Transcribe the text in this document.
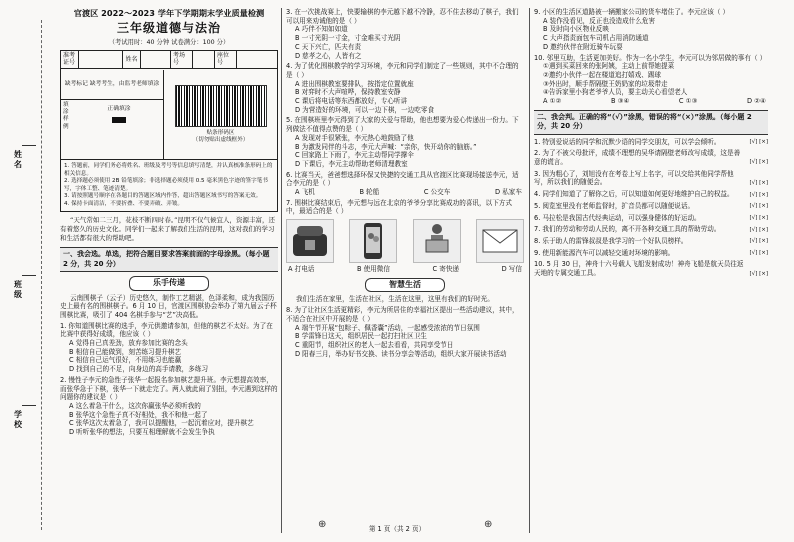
姓名
班级
学校
官渡区 2022～2023 学年下学期期末学业质量检测
三年级道德与法治
（考试用时：40 分钟 试卷满分：100 分）
准考证号
姓名
考场号
座位号
缺考标记
缺考考生，由监考老师填涂
填涂样例
正确填涂
贴条形码区
（切勿贴出虚线框外）
1. 答题前，同学们务必将姓名、班级及考号等信息填写清楚，并认真核准条形码上的相关信息。
2. 选择题必须使用 2B 铅笔填涂；非选择题必须使用 0.5 毫米黑色字迹的签字笔书写，字体工整、笔迹清楚。
3. 请按照题号顺序在各题目的答题区域内作答，超出答题区域书写的答案无效。
4. 保持卡面清洁，不要折叠、不要弄破、弄皱。
“天气常如二三月，花枝不断四时春。”昆明不仅气候宜人，资源丰富，还有着悠久的历史文化。同学们一起来了解我们生活的昆明，这对我们的学习和生活都有很大的帮助吧。
一、我会选。单选，把符合题目要求答案前面的字母涂黑。（每小题 2 分，共 20 分）
乐手传递
云南围棋子（云子）历史悠久，制作工艺精湛，色泽柔和，成为我国历史上最有名的围棋棋子。6 月 10 日，官渡区围棋协会举办了第九届云子杯围棋比赛，吸引了 404 名棋手参与“艺”决高低。
1. 你知道围棋比赛的选手，李元供邀请参加，但他的棋艺不太好。为了在比赛中获得好成绩，他应该（ ）
A 觉得自己真差劲，放弃参加比赛的念头
B 相信自己能做到，刻苦练习提升棋艺
C 相信自己运气很好，不用练习也能赢
D 找到自己的不足，向身边的高手请教，多练习
2. 慢性子李元的急性子张华一起报名参加棋艺提升班。李元想提高效率，而张华急于下棋，张华一下就走完了。两人就此闹了别扭，李元遇到这样的问题你的建议是（ ）
A 这么着急干什么，这次你赢张华必须听我的
B 张华这个急性子真不好相处，我不和他一起了
C 张华这次太着急了，我可以提醒他，一起沉着应对，提升棋艺
D 听听张华的想法，只要互相理解就不会发生争执
3. 在一次挑战赛上，快要输棋的李元越下越不冷静，忍不住去移动了棋子，我们可以用来劝诫他的是（ ）
A 巧伴不知如如道
B 一寸光阴一寸金，寸金难买寸光阴
C 天下兴亡，匹夫有责
D 慈孝之心，人皆有之
4. 为了优化围棋教学的学习环境，李元和同学们制定了一些规则，其中不合理的是（ ）
A 进出围棋教室要排队，按指定位置就座
B 对弈时不大声喧哗，保持教室安静
C 课后将电话等东西都放好，专心听讲
D 为营造好的环境，可以一边下棋，一边吃零食
5. 在围棋班里李元得到了大家的关爱与帮助，他也想要为爱心传递出一份力。下列做法不值得点赞的是（ ）
A 发现对手很紧张，李元热心地鼓励了他
B 为激发同伴的斗志，李元大声喊：“亲你，快开动你的脑筋。”
C 回家路上下雨了，李元主动帮同学撑伞
D 下课后，李元主动帮助老师清理教室
6. 比赛当天，爸爸想选择环保又快捷的交通工具从官渡区比赛现场接送李元，适合李元的是（ ）
A 飞机	B 轮船	C 公交车	D 私家车
7. 围棋比赛结束后，李元想与远在北京的爷爷分享比赛成功的喜讯，以下方式中，最适合的是（ ）
A 打电话	B 使用微信	C 寄快递	D 写信
智慧生活
我们生活在家里，生活在社区，生活在这里，这里有我们的好时光。
8. 为了让社区生活更精彩，李元为所居住的幸福社区提出一些活动建议，其中，不适合在社区中开展的是（ ）
A 端午节开展“包粽子、佩香囊”活动，一起感受浓浓的节日氛围
B 学雷锋日这天，组织居民一起打扫社区卫生
C 重阳节，组织社区的老人一起去看看，共同享受节日
D 阳春三月，举办好书交换、读书分享会等活动，组织大家开展读书活动
9. 小区的生活区道路被一辆搬家公司的货车堵住了。李元应该（ ）
A 装作没看见，反正也没造成什么危害
B 及时向小区物业反映
C 大声指责面包车司机占用消防通道
D 邀约伙伴在附近骑车玩耍
10. 邻里互助，生活更加美好。作为一名小学生，李元可以为邻居做的事有（ ）
①遇到买菜回来的张阿姨，主动上前帮她提菜
②邀约小伙伴一起在楼道追打嬉戏、踢球
③外出时，顺手帮隔壁王奶奶家的垃圾带走
④告诉家里小狗老爷爷人员，要主动关心看望老人
A ①②	B ③④	C ①③	D ②④
二、我会判。正确的将“（√）”涂黑，错误的将“（×）”涂黑。（每小题 2 分，共 20 分）
1. 特别爱说话的同学和沉默少语的同学交朋友，可以学会倾听。	[√] [×]
2. 为了不被父母批评，成绩不理想的吴华请隔壁老师改写成绩，这是善意的谎言。	[√] [×]
3. 因为粗心了，刘旭没有在考卷上写上名字，可以交给其他同学帮他写，所以我们的随便会。	[√] [×]
4. 同学们知道了了解你之后，可以知道如何更好地维护自己的权益。	[√] [×]
5. 阅览室里没有老师监督时，扩音员都可以随便说话。	[√] [×]
6. 马拉松是我国古代经典运动，可以强身健体的好运动。	[√] [×]
7. 我们的劳动和劳动人民的，离不开各种交通工具的帮助劳动。	[√] [×]
8. 乐于助人的雷锋叔叔是我学习的一个好队员榜样。	[√] [×]
9. 使用新能源汽车可以减轻交通对环境的影响。	[√] [×]
10. 5 月 30 日，神舟十六号载人飞船发射成功！神舟飞船是航天员往返天地的专属交通工具。	[√] [×]
⊕	⊕
第 1 页（共 2 页）
